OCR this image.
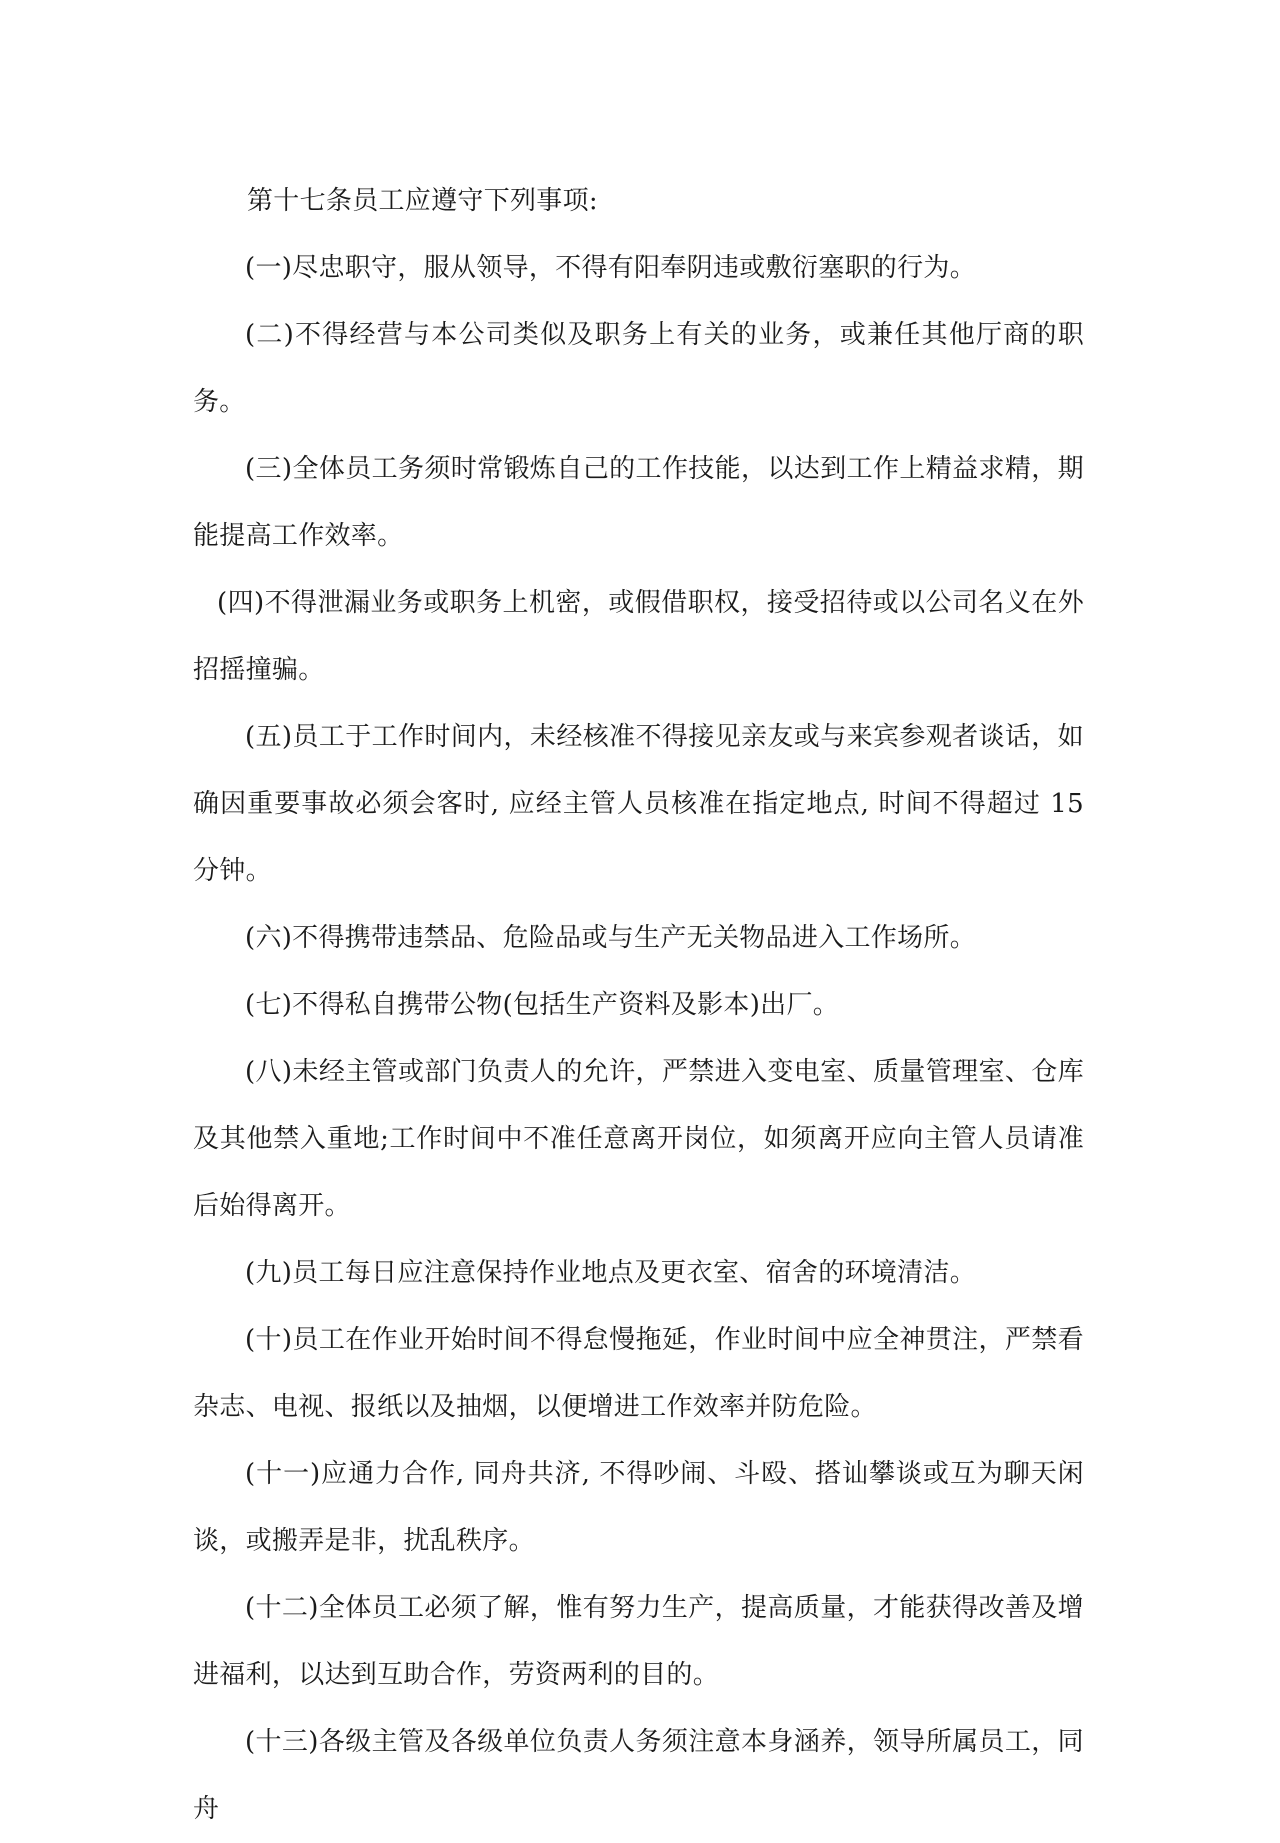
第十七条员工应遵守下列事项:

(一)尽忠职守，服从领导，不得有阳奉阴违或敷衍塞职的行为。

(二)不得经营与本公司类似及职务上有关的业务，或兼任其他厅商的职务。

(三)全体员工务须时常锻炼自己的工作技能，以达到工作上精益求精，期能提高工作效率。

(四)不得泄漏业务或职务上机密，或假借职权，接受招待或以公司名义在外招摇撞骗。

(五)员工于工作时间内，未经核准不得接见亲友或与来宾参观者谈话，如确因重要事故必须会客时, 应经主管人员核准在指定地点, 时间不得超过 15 分钟。

(六)不得携带违禁品、危险品或与生产无关物品进入工作场所。

(七)不得私自携带公物(包括生产资料及影本)出厂。

(八)未经主管或部门负责人的允许，严禁进入变电室、质量管理室、仓库及其他禁入重地;工作时间中不准任意离开岗位，如须离开应向主管人员请准后始得离开。

(九)员工每日应注意保持作业地点及更衣室、宿舍的环境清洁。

(十)员工在作业开始时间不得怠慢拖延，作业时间中应全神贯注，严禁看杂志、电视、报纸以及抽烟，以便增进工作效率并防危险。

(十一)应通力合作, 同舟共济, 不得吵闹、斗殴、搭讪攀谈或互为聊天闲谈，或搬弄是非，扰乱秩序。

(十二)全体员工必须了解，惟有努力生产，提高质量，才能获得改善及增进福利，以达到互助合作，劳资两利的目的。

(十三)各级主管及各级单位负责人务须注意本身涵养，领导所属员工，同舟
